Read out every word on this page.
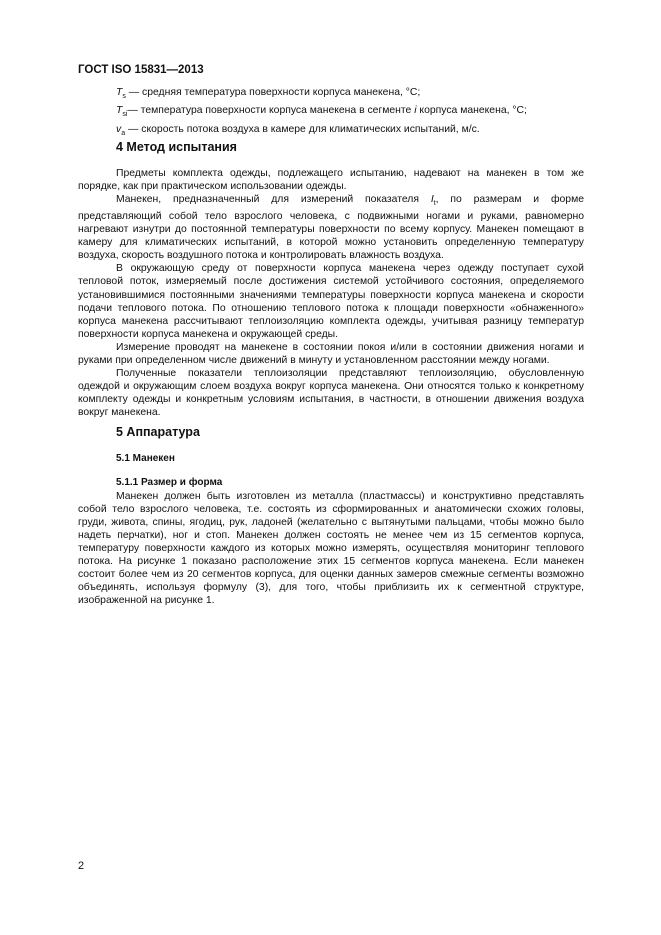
ГОСТ ISO 15831—2013
$T_s$ — средняя температура поверхности корпуса манекена, °С;
$T_{si}—$ температура поверхности корпуса манекена в сегменте i корпуса манекена, °С;
$v_a$ — скорость потока воздуха в камере для климатических испытаний, м/с.
4 Метод испытания

Предметы комплекта одежды, подлежащего испытанию, надевают на манекен в том же порядке, как при практическом использовании одежды.

Манекен, предназначенный для измерений показателя $I_t$, по размерам и форме представляющий собой тело взрослого человека, с подвижными ногами и руками, равномерно нагревают изнутри до постоянной температуры поверхности по всему корпусу. Манекен помещают в камеру для климатических испытаний, в которой можно установить определенную температуру воздуха, скорость воздушного потока и контролировать влажность воздуха.

В окружающую среду от поверхности корпуса манекена через одежду поступает сухой тепловой поток, измеряемый после достижения системой устойчивого состояния, определяемого установившимися постоянными значениями температуры поверхности корпуса манекена и скорости подачи теплового потока. По отношению теплового потока к площади поверхности «обнаженного» корпуса манекена рассчитывают теплоизоляцию комплекта одежды, учитывая разницу температур поверхности корпуса манекена и окружающей среды.

Измерение проводят на манекене в состоянии покоя и/или в состоянии движения ногами и руками при определенном числе движений в минуту и установленном расстоянии между ногами.

Полученные показатели теплоизоляции представляют теплоизоляцию, обусловленную одеждой и окружающим слоем воздуха вокруг корпуса манекена. Они относятся только к конкретному комплекту одежды и конкретным условиям испытания, в частности, в отношении движения воздуха вокруг манекена.

5 Аппаратура
5.1 Манекен
5.1.1 Размер и форма

Манекен должен быть изготовлен из металла (пластмассы) и конструктивно представлять собой тело взрослого человека, т.е. состоять из сформированных и анатомически схожих головы, груди, живота, спины, ягодиц, рук, ладоней (желательно с вытянутыми пальцами, чтобы можно было надеть перчатки), ног и стоп. Манекен должен состоять не менее чем из 15 сегментов корпуса, температуру поверхности каждого из которых можно измерять, осуществляя мониторинг теплового потока. На рисунке 1 показано расположение этих 15 сегментов корпуса манекена. Если манекен состоит более чем из 20 сегментов корпуса, для оценки данных замеров смежные сегменты возможно объединять, используя формулу (3), для того, чтобы приблизить их к сегментной структуре, изображенной на рисунке 1.

2
